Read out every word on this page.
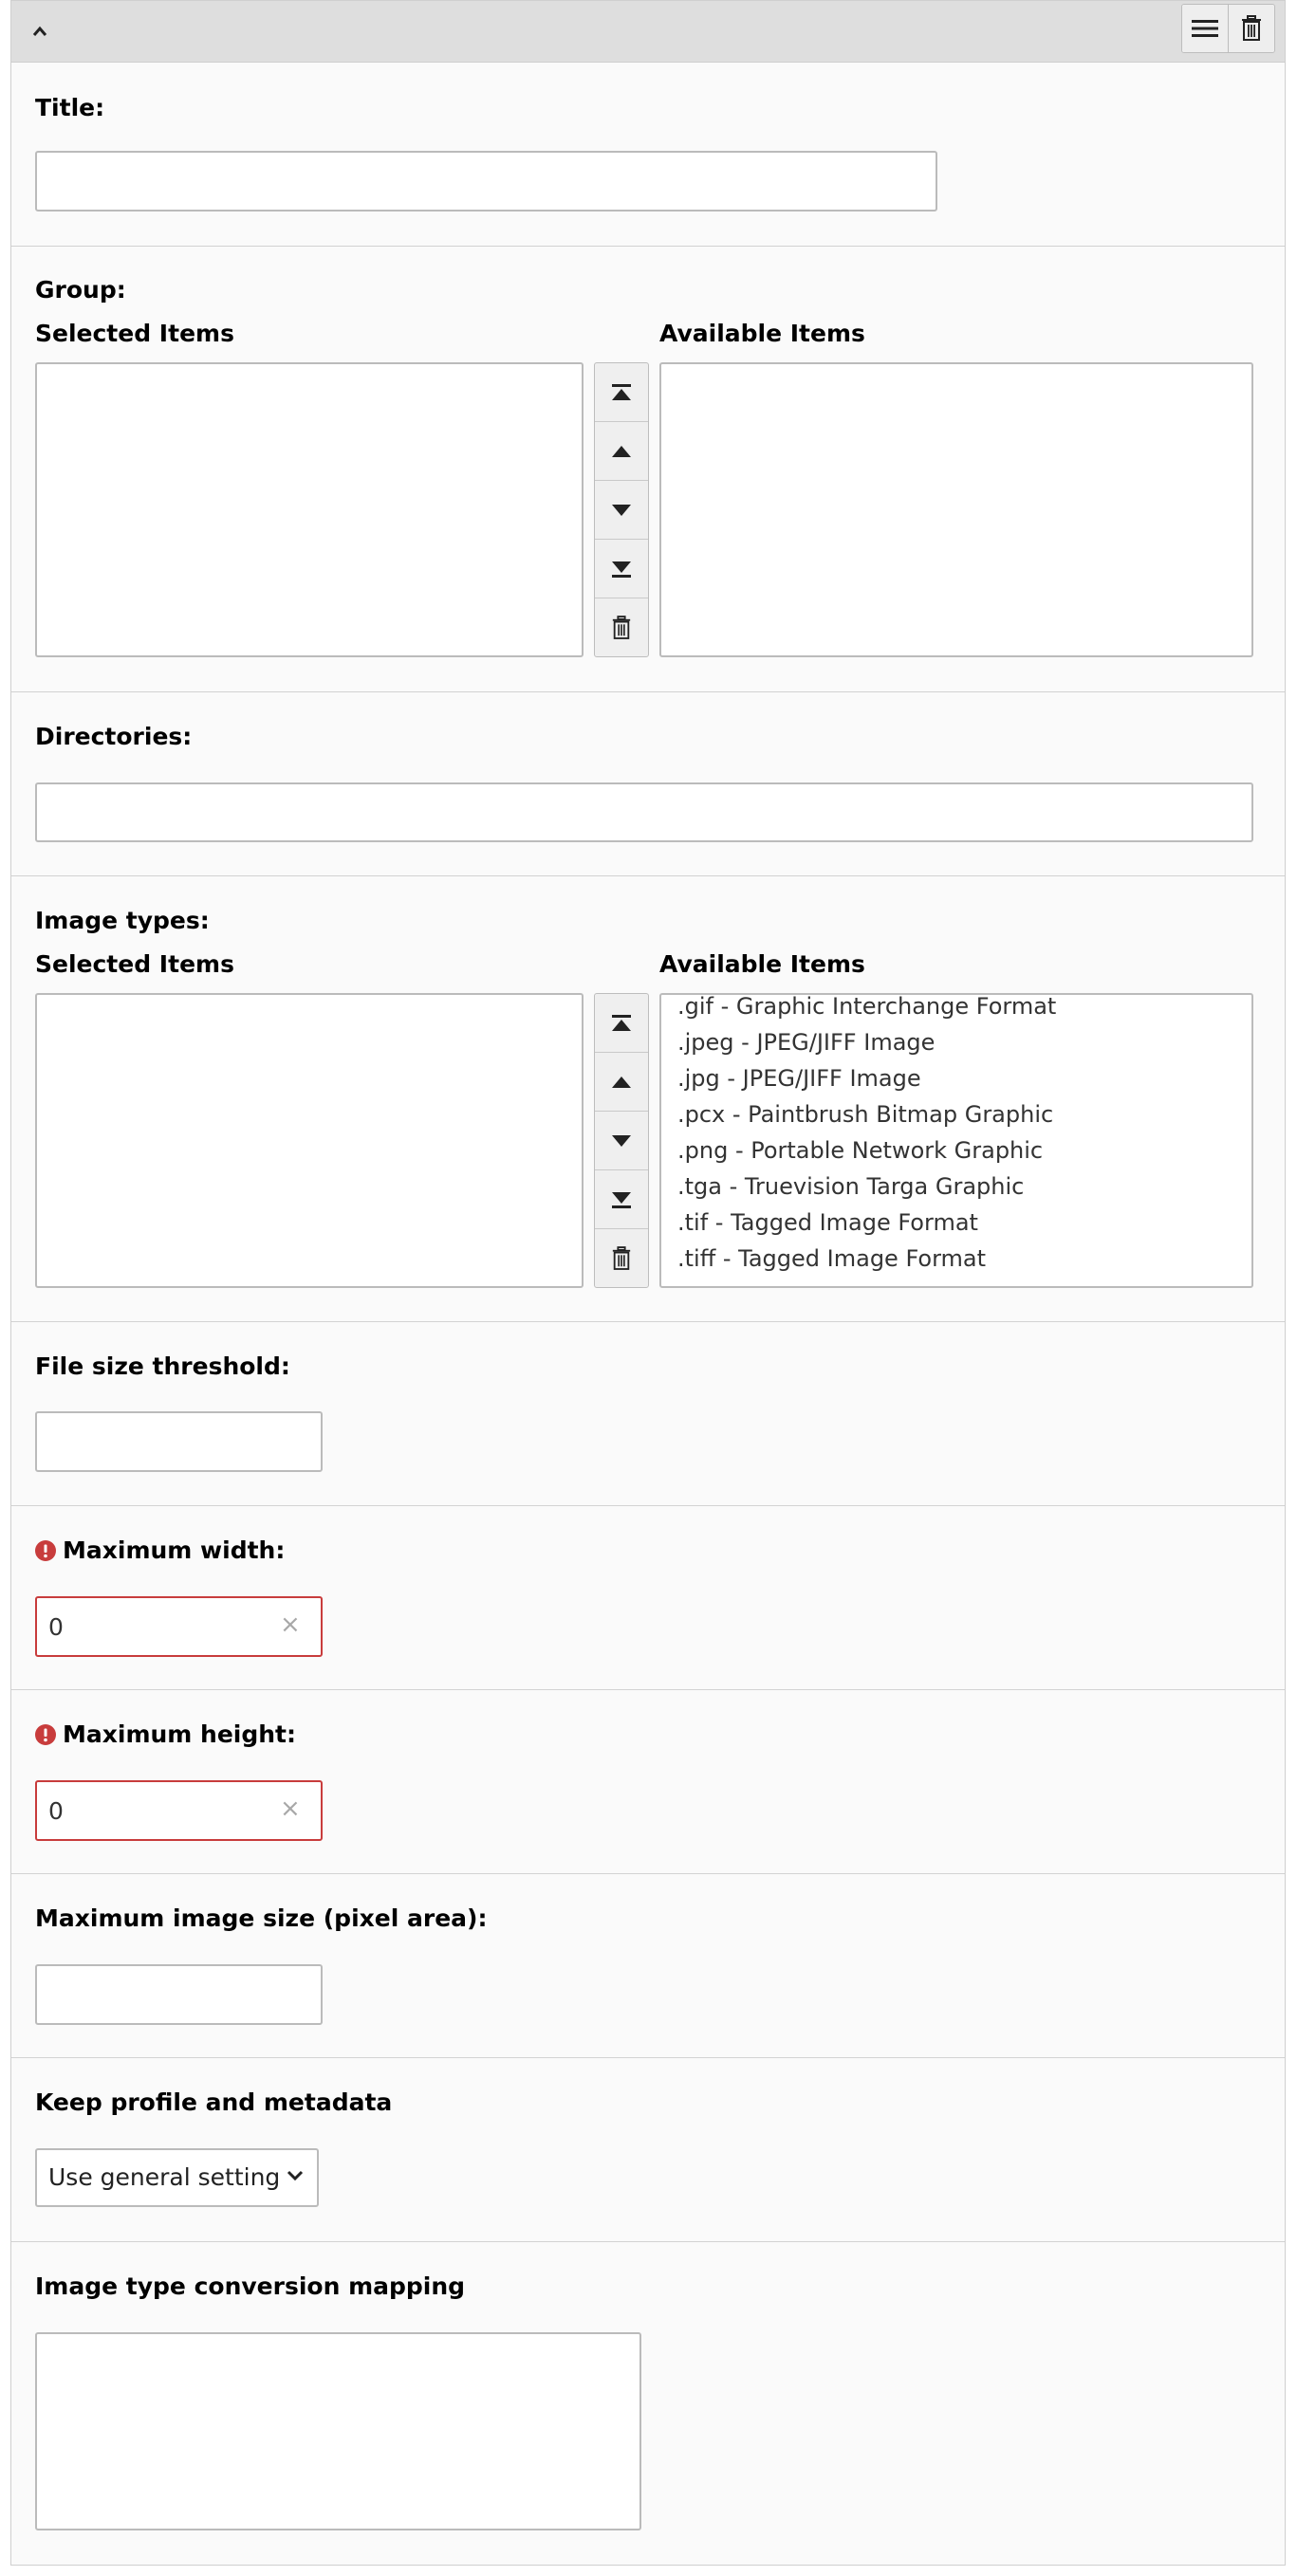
Title:
Group:
Selected Items	Available Items
Directories:
Image types:
Selected Items	Available Items
.gif - Graphic Interchange Format
.jpeg - JPEG/JIFF Image
.jpg - JPEG/JIFF Image
.pcx - Paintbrush Bitmap Graphic
.png - Portable Network Graphic
.tga - Truevision Targa Graphic
.tif - Tagged Image Format
.tiff - Tagged Image Format
File size threshold:
Maximum width:
0
×
Maximum height:
0
×
Maximum image size (pixel area):
Keep profile and metadata
Use general setting
Image type conversion mapping
